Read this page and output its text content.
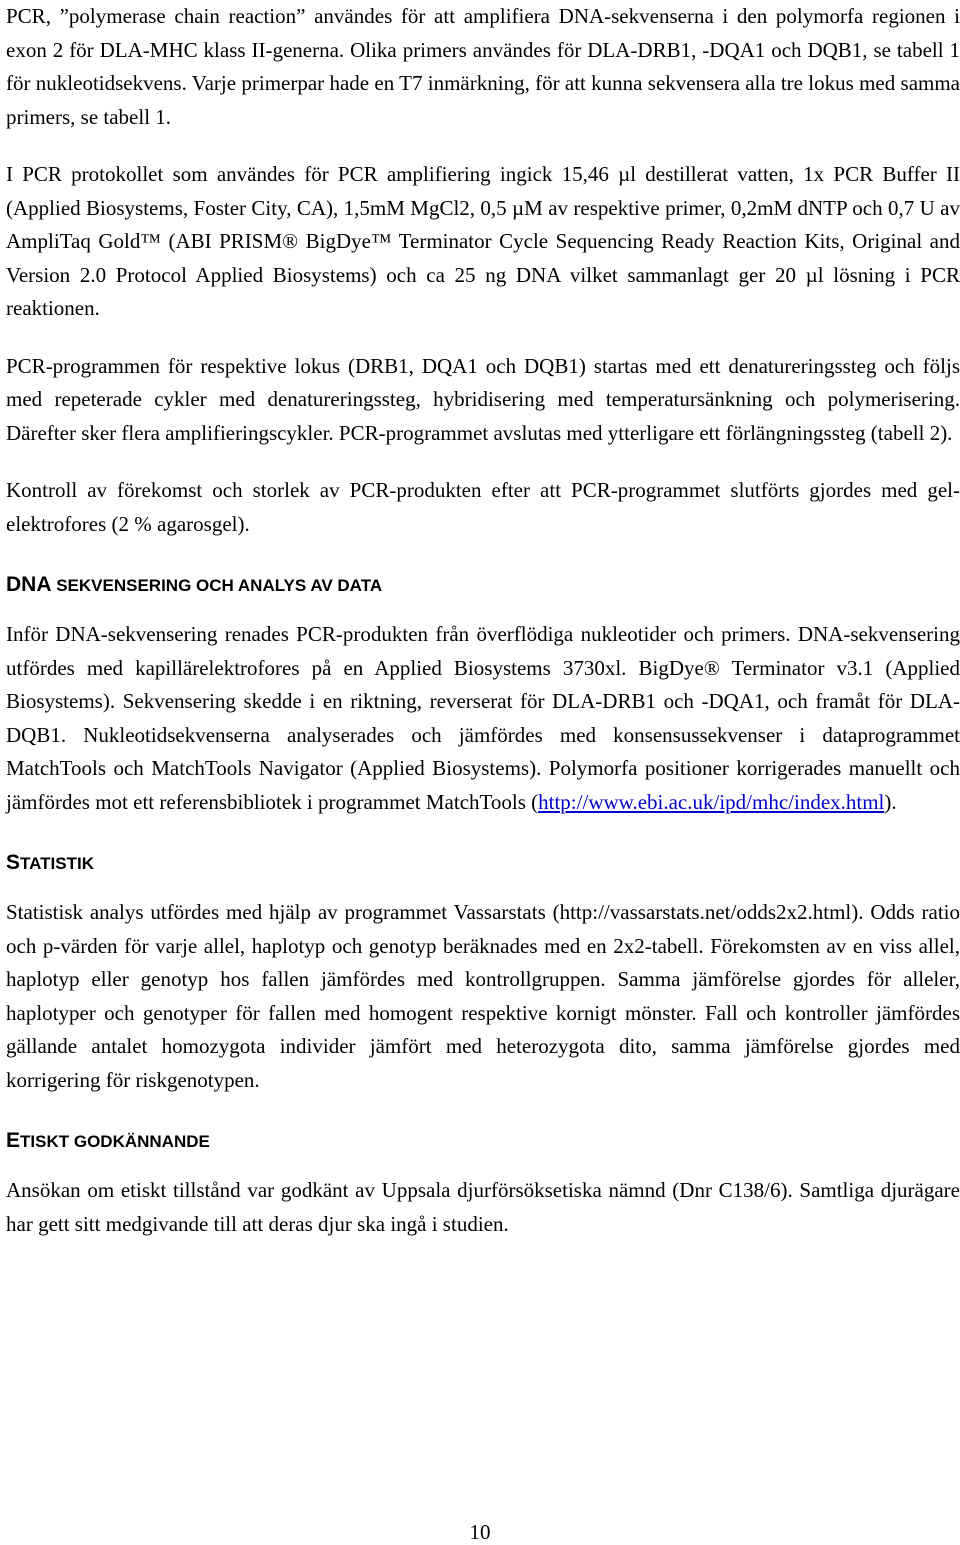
PCR, ”polymerase chain reaction” användes för att amplifiera DNA-sekvenserna i den polymorfa regionen i exon 2 för DLA-MHC klass II-generna. Olika primers användes för DLA-DRB1, -DQA1 och DQB1, se tabell 1 för nukleotidsekvens. Varje primerpar hade en T7 inmärkning, för att kunna sekvensera alla tre lokus med samma primers, se tabell 1.

I PCR protokollet som användes för PCR amplifiering ingick 15,46 µl destillerat vatten, 1x PCR Buffer II (Applied Biosystems, Foster City, CA), 1,5mM MgCl2, 0,5 µM av respektive primer, 0,2mM dNTP och 0,7 U av AmpliTaq Gold™ (ABI PRISM® BigDye™ Terminator Cycle Sequencing Ready Reaction Kits, Original and Version 2.0 Protocol Applied Biosystems) och ca 25 ng DNA vilket sammanlagt ger 20 µl lösning i PCR reaktionen.

PCR-programmen för respektive lokus (DRB1, DQA1 och DQB1) startas med ett denatureringssteg och följs med repeterade cykler med denatureringssteg, hybridisering med temperatursänkning och polymerisering. Därefter sker flera amplifieringscykler. PCR-programmet avslutas med ytterligare ett förlängningssteg (tabell 2).

Kontroll av förekomst och storlek av PCR-produkten efter att PCR-programmet slutförts gjordes med gel-elektrofores (2 % agarosgel).

DNA SEKVENSERING OCH ANALYS AV DATA

Inför DNA-sekvensering renades PCR-produkten från överflödiga nukleotider och primers. DNA-sekvensering utfördes med kapillärelektrofores på en Applied Biosystems 3730xl. BigDye® Terminator v3.1 (Applied Biosystems). Sekvensering skedde i en riktning, reverserat för DLA-DRB1 och -DQA1, och framåt för DLA-DQB1. Nukleotidsekvenserna analyserades och jämfördes med konsensussekvenser i dataprogrammet MatchTools och MatchTools Navigator (Applied Biosystems). Polymorfa positioner korrigerades manuellt och jämfördes mot ett referensbibliotek i programmet MatchTools (http://www.ebi.ac.uk/ipd/mhc/index.html).

STATISTIK

Statistisk analys utfördes med hjälp av programmet Vassarstats (http://vassarstats.net/odds2x2.html). Odds ratio och p-värden för varje allel, haplotyp och genotyp beräknades med en 2x2-tabell. Förekomsten av en viss allel, haplotyp eller genotyp hos fallen jämfördes med kontrollgruppen. Samma jämförelse gjordes för alleler, haplotyper och genotyper för fallen med homogent respektive kornigt mönster. Fall och kontroller jämfördes gällande antalet homozygota individer jämfört med heterozygota dito, samma jämförelse gjordes med korrigering för riskgenotypen.

ETISKT GODKÄNNANDE

Ansökan om etiskt tillstånd var godkänt av Uppsala djurförsöksetiska nämnd (Dnr C138/6). Samtliga djurägare har gett sitt medgivande till att deras djur ska ingå i studien.

10
